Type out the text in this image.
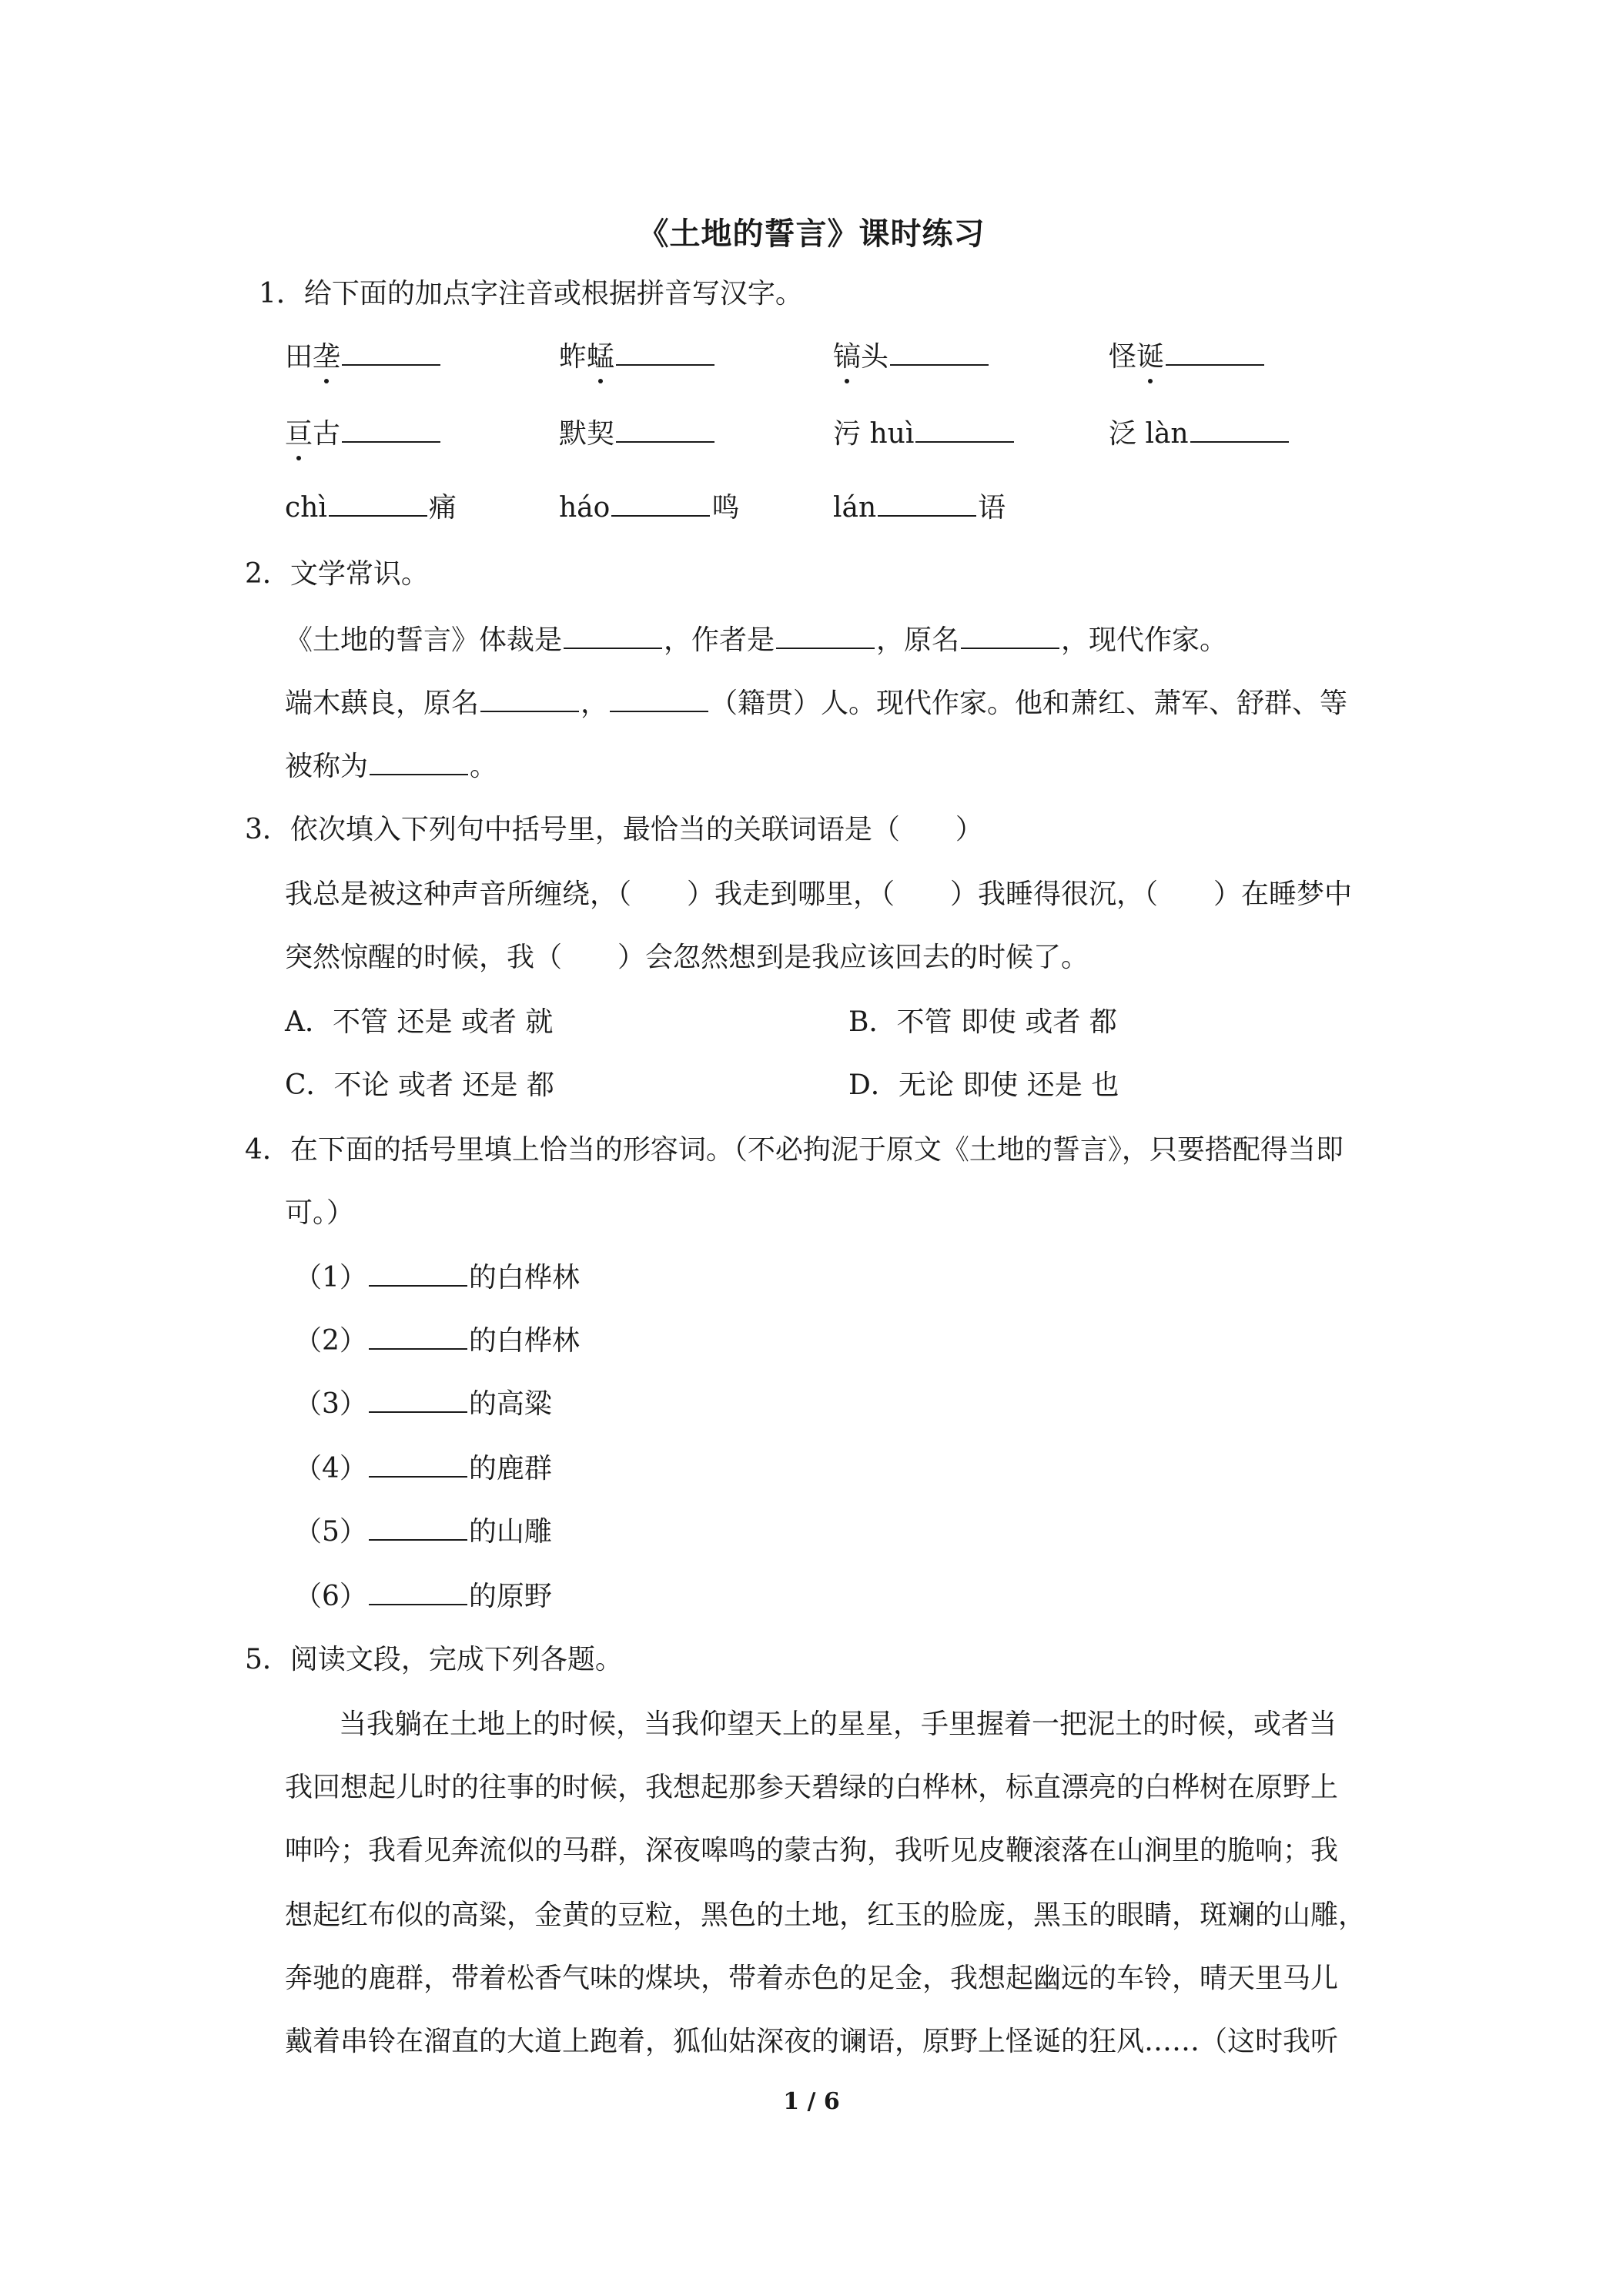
《土地的誓言》课时练习
1．给下面的加点字注音或根据拼音写汉字。
田垄	蚱蜢	镐头	怪诞
亘古	默契	污 huì	泛 làn
chì	痛	háo	鸣	lán	语
2．文学常识。
《土地的誓言》体裁是	，作者是	，原名	，现代作家。
端木蕻良，原名	，	（籍贯）人。现代作家。他和萧红、萧军、舒群、等
被称为	。
3．依次填入下列句中括号里，最恰当的关联词语是（　　）
我总是被这种声音所缠绕，（　　）我走到哪里，（　　）我睡得很沉，（　　）在睡梦中
突然惊醒的时候，我（　　）会忽然想到是我应该回去的时候了。
A．不管 还是 或者 就	B．不管 即使 或者 都
C．不论 或者 还是 都	D．无论 即使 还是 也
4．在下面的括号里填上恰当的形容词。（不必拘泥于原文《土地的誓言》，只要搭配得当即
可。）
（1）	的白桦林
（2）	的白桦林
（3）	的高粱
（4）	的鹿群
（5）	的山雕
（6）	的原野
5．阅读文段，完成下列各题。
当我躺在土地上的时候，当我仰望天上的星星，手里握着一把泥土的时候，或者当
我回想起儿时的往事的时候，我想起那参天碧绿的白桦林，标直漂亮的白桦树在原野上
呻吟；我看见奔流似的马群，深夜嗥鸣的蒙古狗，我听见皮鞭滚落在山涧里的脆响；我
想起红布似的高粱，金黄的豆粒，黑色的土地，红玉的脸庞，黑玉的眼睛，斑斓的山雕，
奔驰的鹿群，带着松香气味的煤块，带着赤色的足金，我想起幽远的车铃，晴天里马儿
戴着串铃在溜直的大道上跑着，狐仙姑深夜的谰语，原野上怪诞的狂风……（这时我听
1 / 6
